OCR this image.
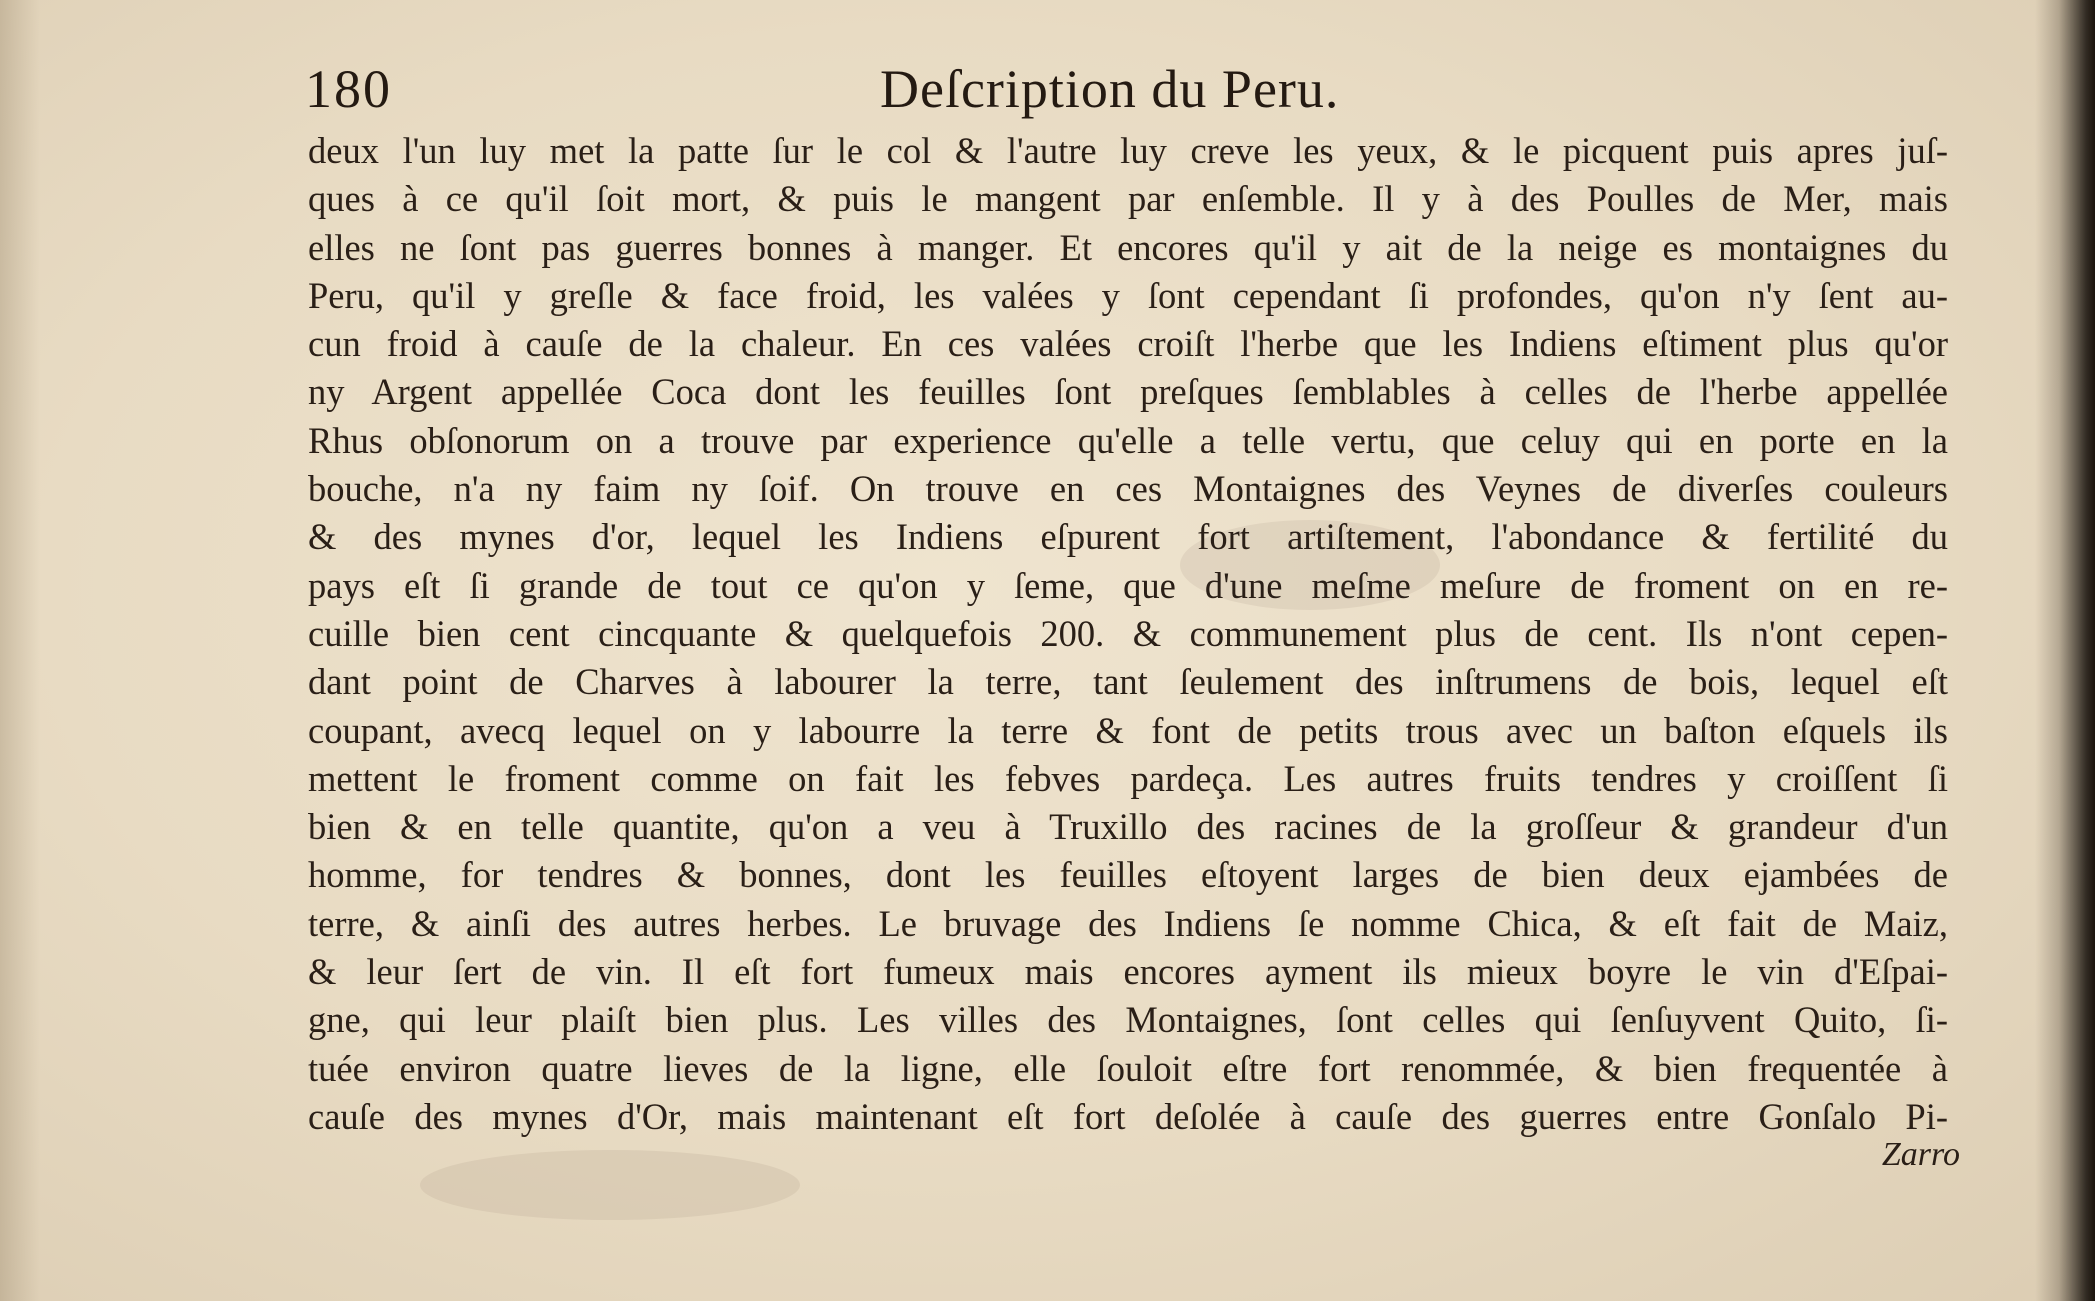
180	Deſcription du Peru.
deux l'un luy met la patte ſur le col & l'autre luy creve les yeux, & le picquent puis apres juſ-
ques à ce qu'il ſoit mort, & puis le mangent par enſemble. Il y à des Poulles de Mer, mais
elles ne ſont pas guerres bonnes à manger. Et encores qu'il y ait de la neige es montaignes du
Peru, qu'il y greſle & face froid, les valées y ſont cependant ſi profondes, qu'on n'y ſent au-
cun froid à cauſe de la chaleur. En ces valées croiſt l'herbe que les Indiens eſtiment plus qu'or
ny Argent appellée Coca dont les feuilles ſont preſques ſemblables à celles de l'herbe appellée
Rhus obſonorum on a trouve par experience qu'elle a telle vertu, que celuy qui en porte en la
bouche, n'a ny faim ny ſoif. On trouve en ces Montaignes des Veynes de diverſes couleurs
& des mynes d'or, lequel les Indiens eſpurent fort artiſtement, l'abondance & fertilité du
pays eſt ſi grande de tout ce qu'on y ſeme, que d'une meſme meſure de froment on en re-
cuille bien cent cincquante & quelquefois 200. & communement plus de cent. Ils n'ont cepen-
dant point de Charves à labourer la terre, tant ſeulement des inſtrumens de bois, lequel eſt
coupant, avecq lequel on y labourre la terre & font de petits trous avec un baſton eſquels ils
mettent le froment comme on fait les febves pardeça. Les autres fruits tendres y croiſſent ſi
bien & en telle quantite, qu'on a veu à Truxillo des racines de la groſſeur & grandeur d'un
homme, for tendres & bonnes, dont les feuilles eſtoyent larges de bien deux ejambées de
terre, & ainſi des autres herbes. Le bruvage des Indiens ſe nomme Chica, & eſt fait de Maiz,
& leur ſert de vin. Il eſt fort fumeux mais encores ayment ils mieux boyre le vin d'Eſpai-
gne, qui leur plaiſt bien plus. Les villes des Montaignes, ſont celles qui ſenſuyvent Quito, ſi-
tuée environ quatre lieves de la ligne, elle ſouloit eſtre fort renommée, & bien frequentée à
cauſe des mynes d'Or, mais maintenant eſt fort deſolée à cauſe des guerres entre Gonſalo Pi-
Zarro
